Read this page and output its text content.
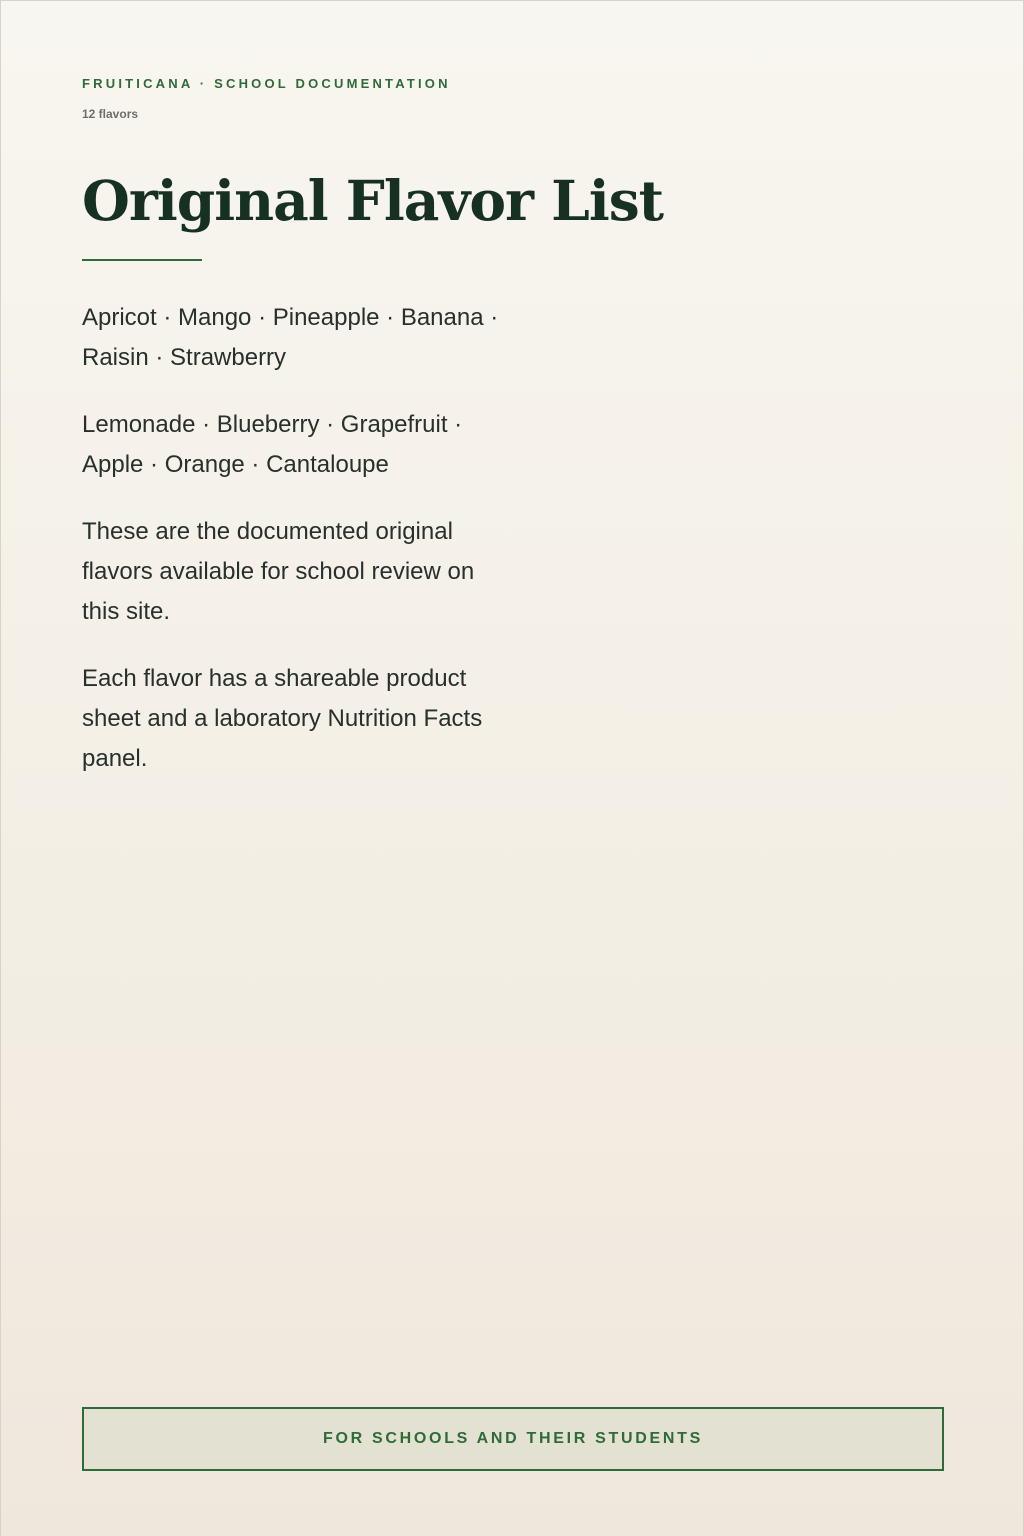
FRUITICANA · SCHOOL DOCUMENTATION
12 flavors
Original Flavor List

Apricot · Mango · Pineapple · Banana · Raisin · Strawberry

Lemonade · Blueberry · Grapefruit · Apple · Orange · Cantaloupe

These are the documented original flavors available for school review on this site.

Each flavor has a shareable product sheet and a laboratory Nutrition Facts panel.

FOR SCHOOLS AND THEIR STUDENTS
